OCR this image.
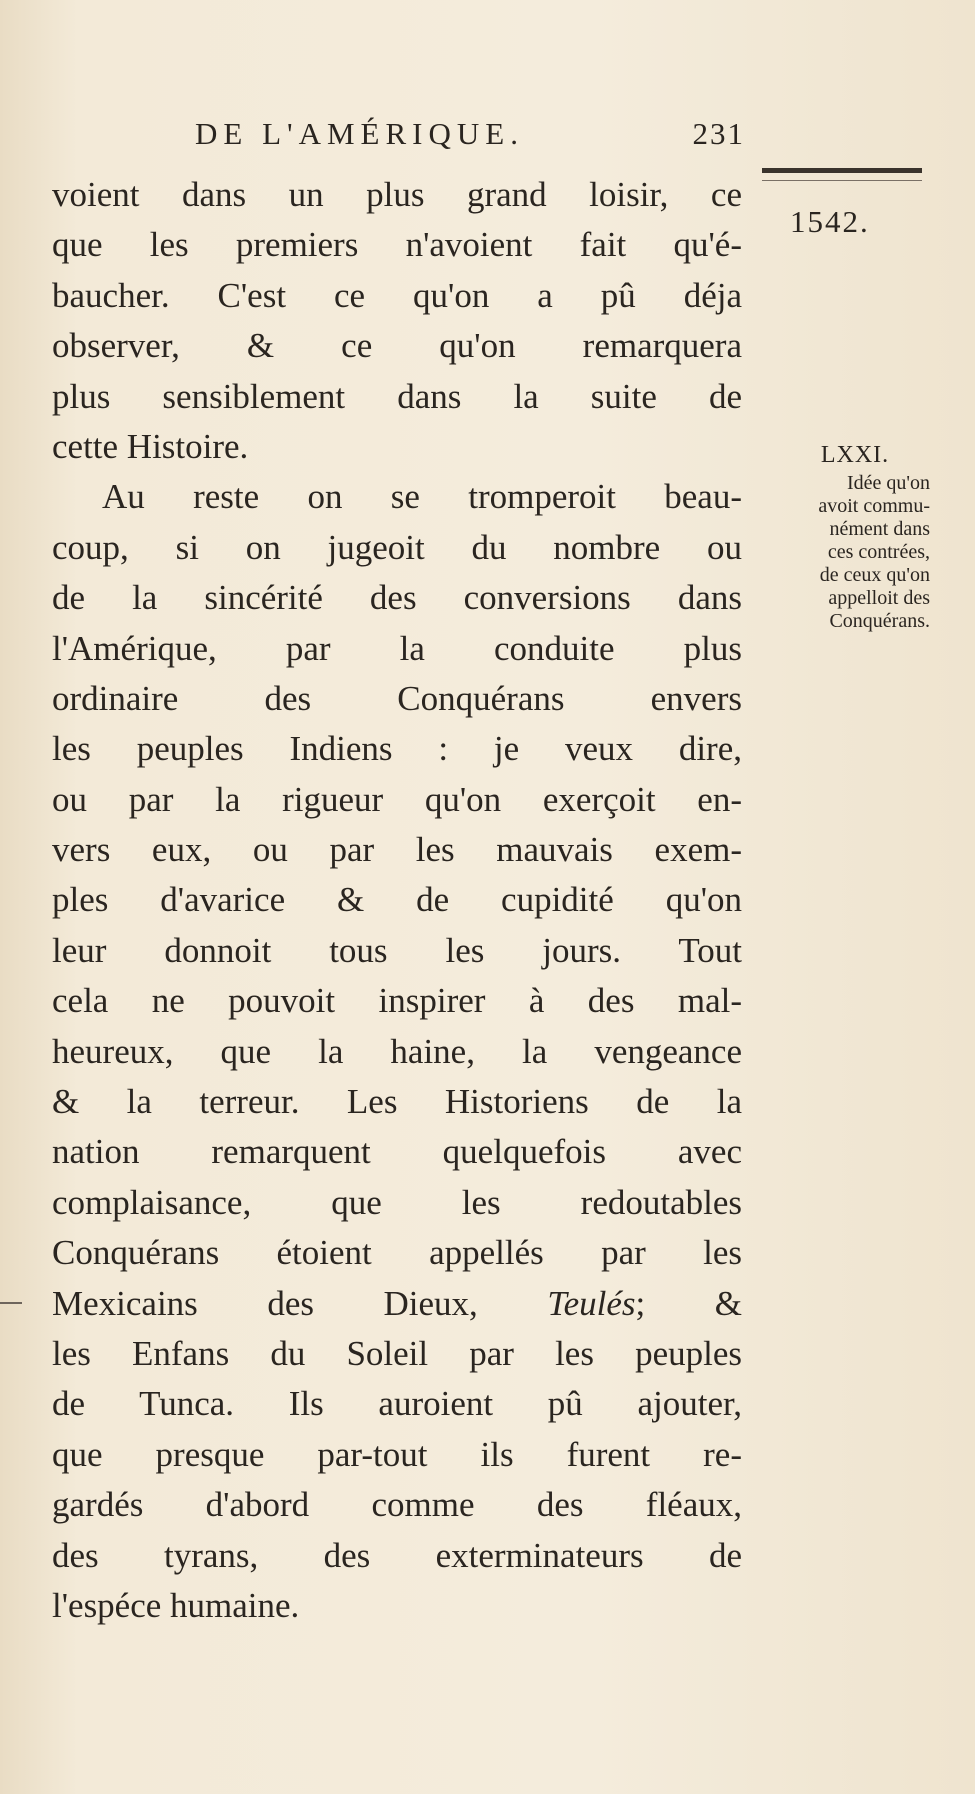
DE L'AMÉRIQUE.	231
1542.
LXXI.
Idée qu'on
avoit commu-
nément dans
ces contrées,
de ceux qu'on
appelloit des
Conquérans.
voient dans un plus grand loisir, ce
que les premiers n'avoient fait qu'é-
baucher. C'est ce qu'on a pû déja
observer, & ce qu'on remarquera
plus sensiblement dans la suite de
cette Histoire.
Au reste on se tromperoit beau-
coup, si on jugeoit du nombre ou
de la sincérité des conversions dans
l'Amérique, par la conduite plus
ordinaire des Conquérans envers
les peuples Indiens : je veux dire,
ou par la rigueur qu'on exerçoit en-
vers eux, ou par les mauvais exem-
ples d'avarice & de cupidité qu'on
leur donnoit tous les jours. Tout
cela ne pouvoit inspirer à des mal-
heureux, que la haine, la vengeance
& la terreur. Les Historiens de la
nation remarquent quelquefois avec
complaisance, que les redoutables
Conquérans étoient appellés par les
Mexicains des Dieux, Teulés; &
les Enfans du Soleil par les peuples
de Tunca. Ils auroient pû ajouter,
que presque par-tout ils furent re-
gardés d'abord comme des fléaux,
des tyrans, des exterminateurs de
l'espéce humaine.
